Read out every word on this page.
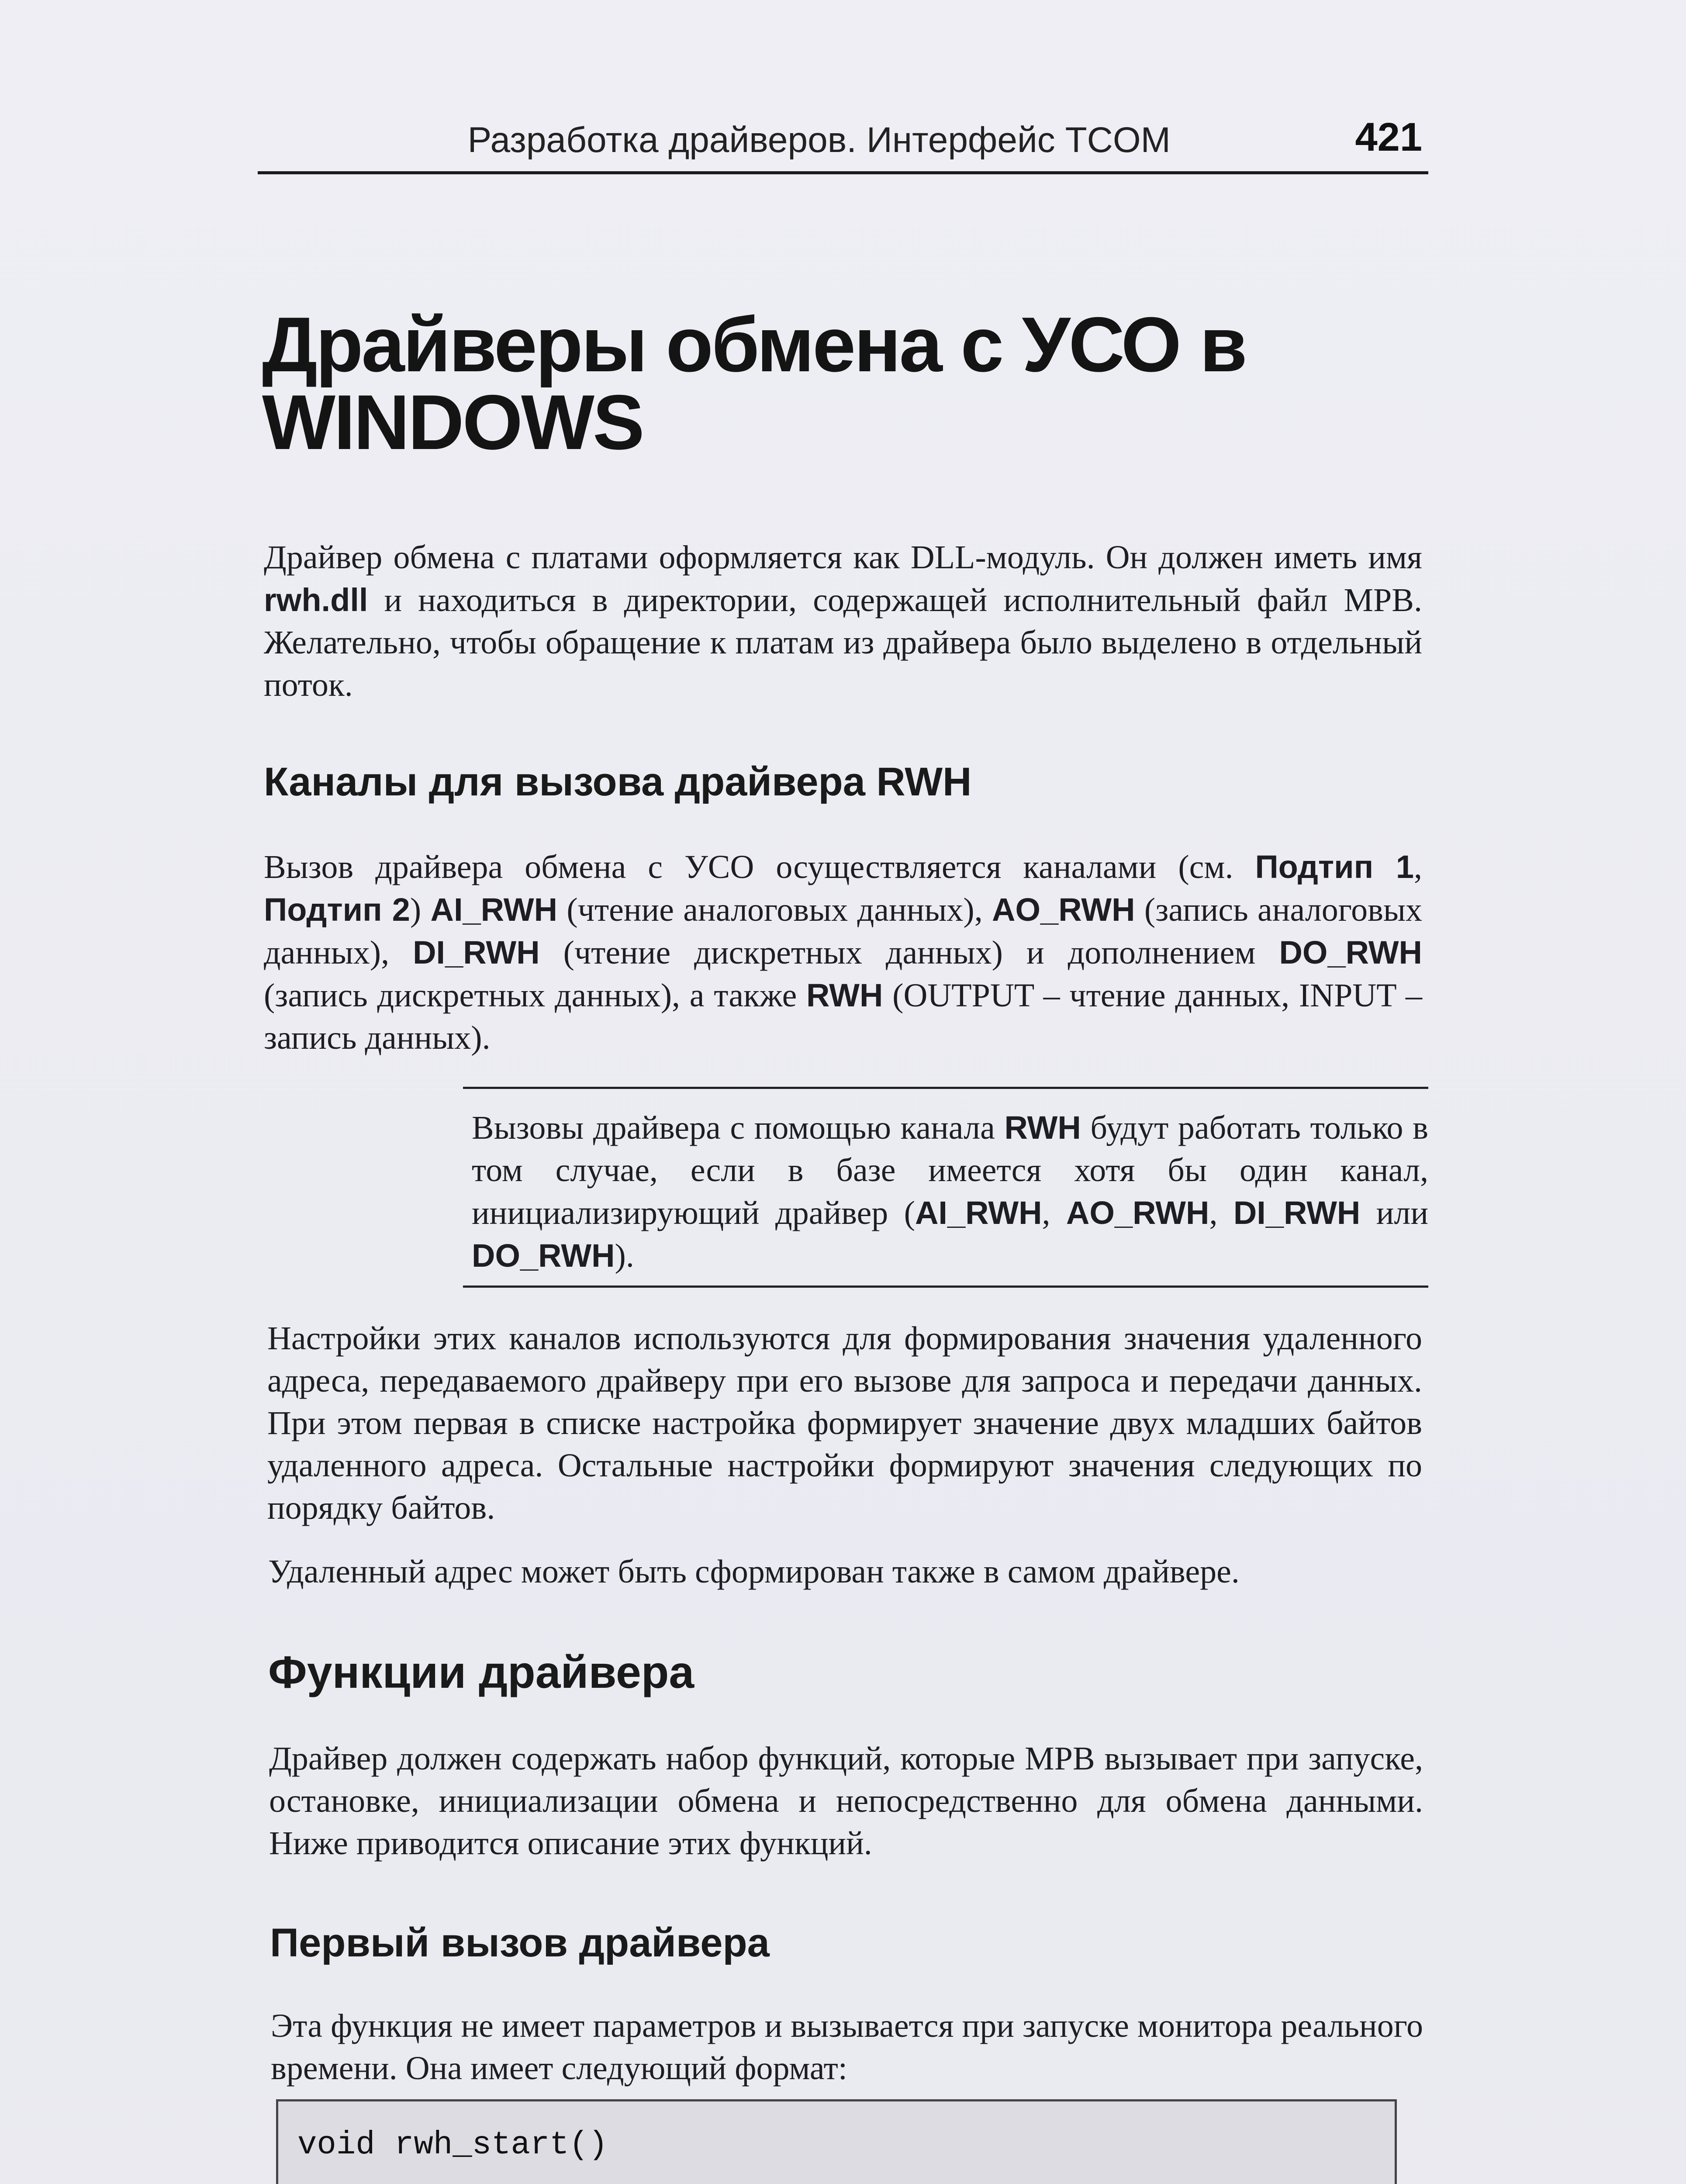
Разработка драйверов. Интерфейс TCOM	421
Драйверы обмена с УСО в
WINDOWS

Драйвер обмена с платами оформляется как DLL-модуль. Он должен иметь имя rwh.dll и находиться в директории, содержащей исполнительный файл МРВ. Желательно, чтобы обращение к платам из драйвера было выделено в отдельный поток.

Каналы для вызова драйвера RWH

Вызов драйвера обмена с УСО осуществляется каналами (см. Подтип 1, Подтип 2) AI_RWH (чтение аналоговых данных), AO_RWH (запись аналоговых данных), DI_RWH (чтение дискретных данных) и дополнением DO_RWH (запись дискретных данных), а также RWH (OUTPUT – чтение данных, INPUT – запись данных).

Вызовы драйвера с помощью канала RWH будут работать только в том случае, если в базе имеется хотя бы один канал, инициализирующий драйвер (AI_RWH, AO_RWH, DI_RWH или DO_RWH).

Настройки этих каналов используются для формирования значения удаленного адреса, передаваемого драйверу при его вызове для запроса и передачи данных. При этом первая в списке настройка формирует значение двух младших байтов удаленного адреса. Остальные настройки формируют значения следующих по порядку байтов.

Удаленный адрес может быть сформирован также в самом драйвере.

Функции драйвера

Драйвер должен содержать набор функций, которые МРВ вызывает при запуске, остановке, инициализации обмена и непосредственно для обмена данными. Ниже приводится описание этих функций.

Первый вызов драйвера

Эта функция не имеет параметров и вызывается при запуске монитора реального времени. Она имеет следующий формат:

void rwh_start()
